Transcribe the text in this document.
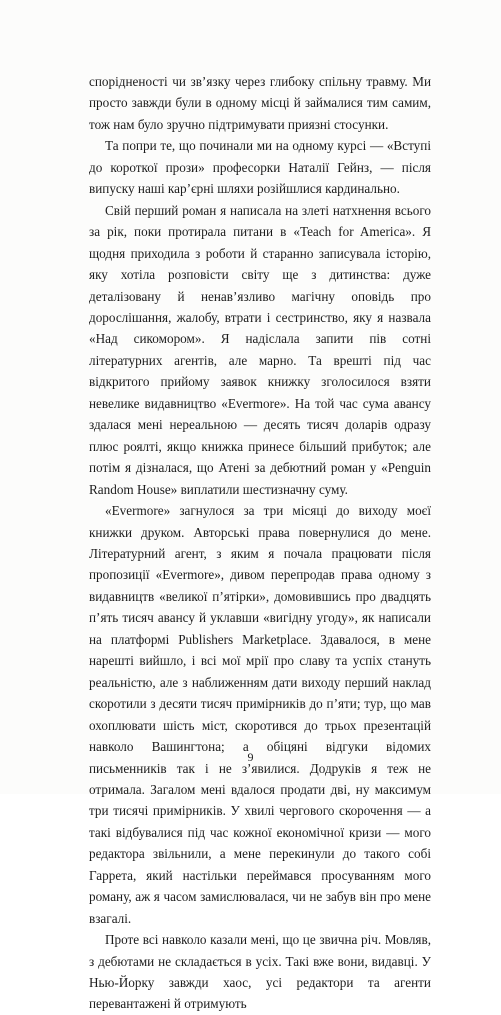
спорідненості чи зв’язку через глибоку спільну травму. Ми просто завжди були в одному місці й займалися тим самим, тож нам було зручно підтримувати приязні стосунки.

Та попри те, що починали ми на одному курсі — «Вступі до короткої прози» професорки Наталії Гейнз, — після випуску наші кар’єрні шляхи розійшлися кардинально.

Свій перший роман я написала на злеті натхнення всього за рік, поки протирала питани в «Teach for America». Я щодня приходила з роботи й старанно записувала історію, яку хотіла розповісти світу ще з дитинства: дуже деталізовану й ненав’язливо магічну оповідь про дорослішання, жалобу, втрати і сестринство, яку я назвала «Над сикомором». Я надіслала запити пів сотні літературних агентів, але марно. Та врешті під час відкритого прийому заявок книжку зголосилося взяти невелике видавництво «Evermore». На той час сума авансу здалася мені нереальною — десять тисяч доларів одразу плюс роялті, якщо книжка принесе більший прибуток; але потім я дізналася, що Атені за дебютний роман у «Penguin Random House» виплатили шестизначну суму.

«Evermore» загнулося за три місяці до виходу моєї книжки друком. Авторські права повернулися до мене. Літературний агент, з яким я почала працювати після пропозиції «Evermore», дивом перепродав права одному з видавництв «великої п’ятірки», домовившись про двадцять п’ять тисяч авансу й уклавши «вигідну угоду», як написали на платформі Publishers Marketplace. Здавалося, в мене нарешті вийшло, і всі мої мрії про славу та успіх стануть реальністю, але з наближенням дати виходу перший наклад скоротили з десяти тисяч примірників до п’яти; тур, що мав охоплювати шість міст, скоротився до трьох презентацій навколо Вашингтона; а обіцяні відгуки відомих письменників так і не з’явилися. Додруків я теж не отримала. Загалом мені вдалося продати дві, ну максимум три тисячі примірників. У хвилі чергового скорочення — а такі відбувалися під час кожної економічної кризи — мого редактора звільнили, а мене перекинули до такого собі Гаррета, який настільки переймався просуванням мого роману, аж я часом замислювалася, чи не забув він про мене взагалі.

Проте всі навколо казали мені, що це звична річ. Мовляв, з дебютами не складається в усіх. Такі вже вони, видавці. У Нью-Йорку завжди хаос, усі редактори та агенти перевантажені й отримують

9
